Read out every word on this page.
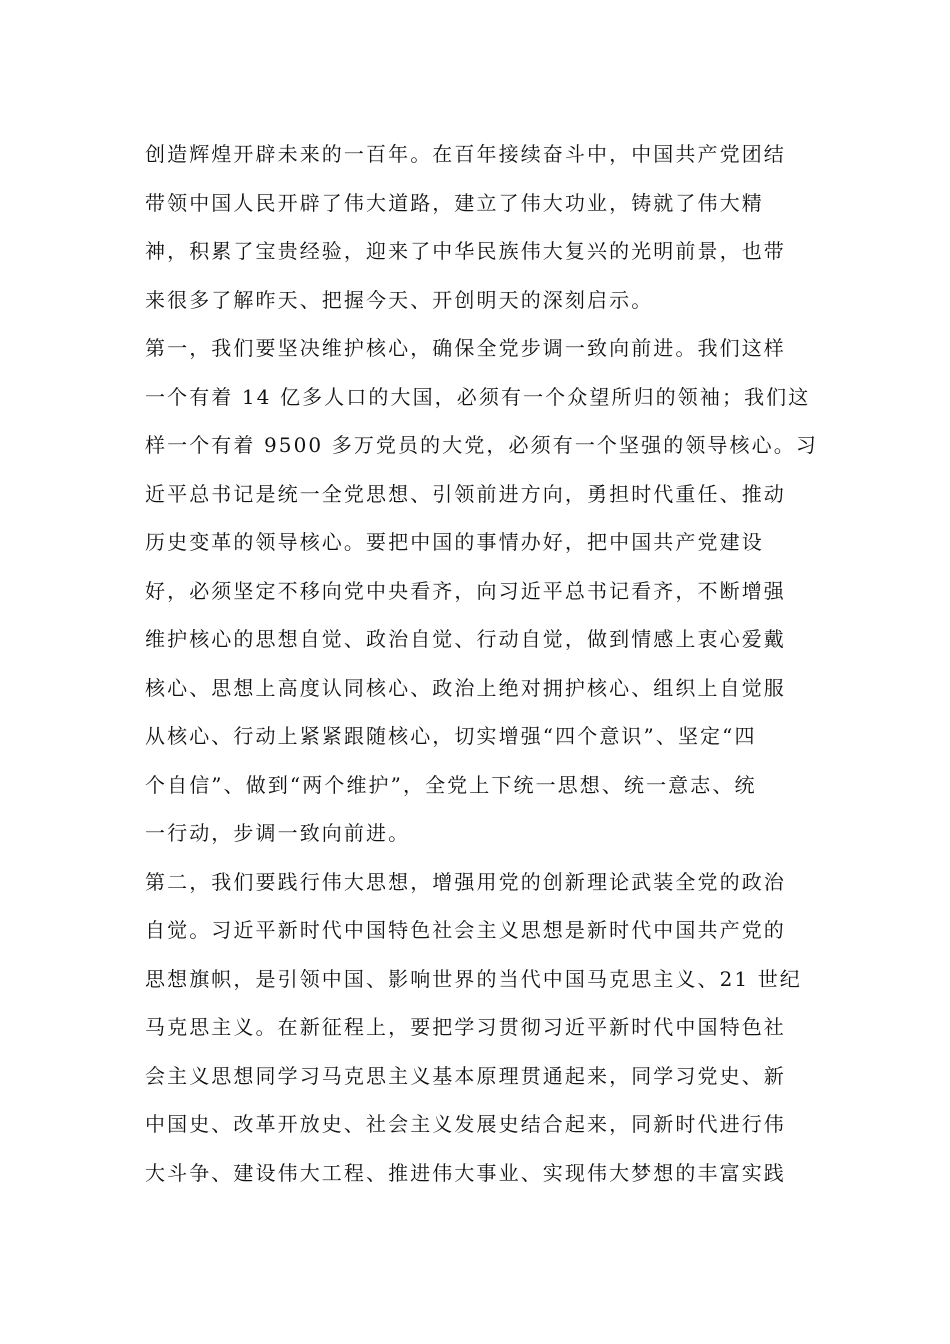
创造辉煌开辟未来的一百年。在百年接续奋斗中，中国共产党团结
带领中国人民开辟了伟大道路，建立了伟大功业，铸就了伟大精
神，积累了宝贵经验，迎来了中华民族伟大复兴的光明前景，也带
来很多了解昨天、把握今天、开创明天的深刻启示。
第一，我们要坚决维护核心，确保全党步调一致向前进。我们这样
一个有着 14 亿多人口的大国，必须有一个众望所归的领袖；我们这
样一个有着 9500 多万党员的大党，必须有一个坚强的领导核心。习
近平总书记是统一全党思想、引领前进方向，勇担时代重任、推动
历史变革的领导核心。要把中国的事情办好，把中国共产党建设
好，必须坚定不移向党中央看齐，向习近平总书记看齐，不断增强
维护核心的思想自觉、政治自觉、行动自觉，做到情感上衷心爱戴
核心、思想上高度认同核心、政治上绝对拥护核心、组织上自觉服
从核心、行动上紧紧跟随核心，切实增强“四个意识”、坚定“四
个自信”、做到“两个维护”，全党上下统一思想、统一意志、统
一行动，步调一致向前进。
第二，我们要践行伟大思想，增强用党的创新理论武装全党的政治
自觉。习近平新时代中国特色社会主义思想是新时代中国共产党的
思想旗帜，是引领中国、影响世界的当代中国马克思主义、21 世纪
马克思主义。在新征程上，要把学习贯彻习近平新时代中国特色社
会主义思想同学习马克思主义基本原理贯通起来，同学习党史、新
中国史、改革开放史、社会主义发展史结合起来，同新时代进行伟
大斗争、建设伟大工程、推进伟大事业、实现伟大梦想的丰富实践
